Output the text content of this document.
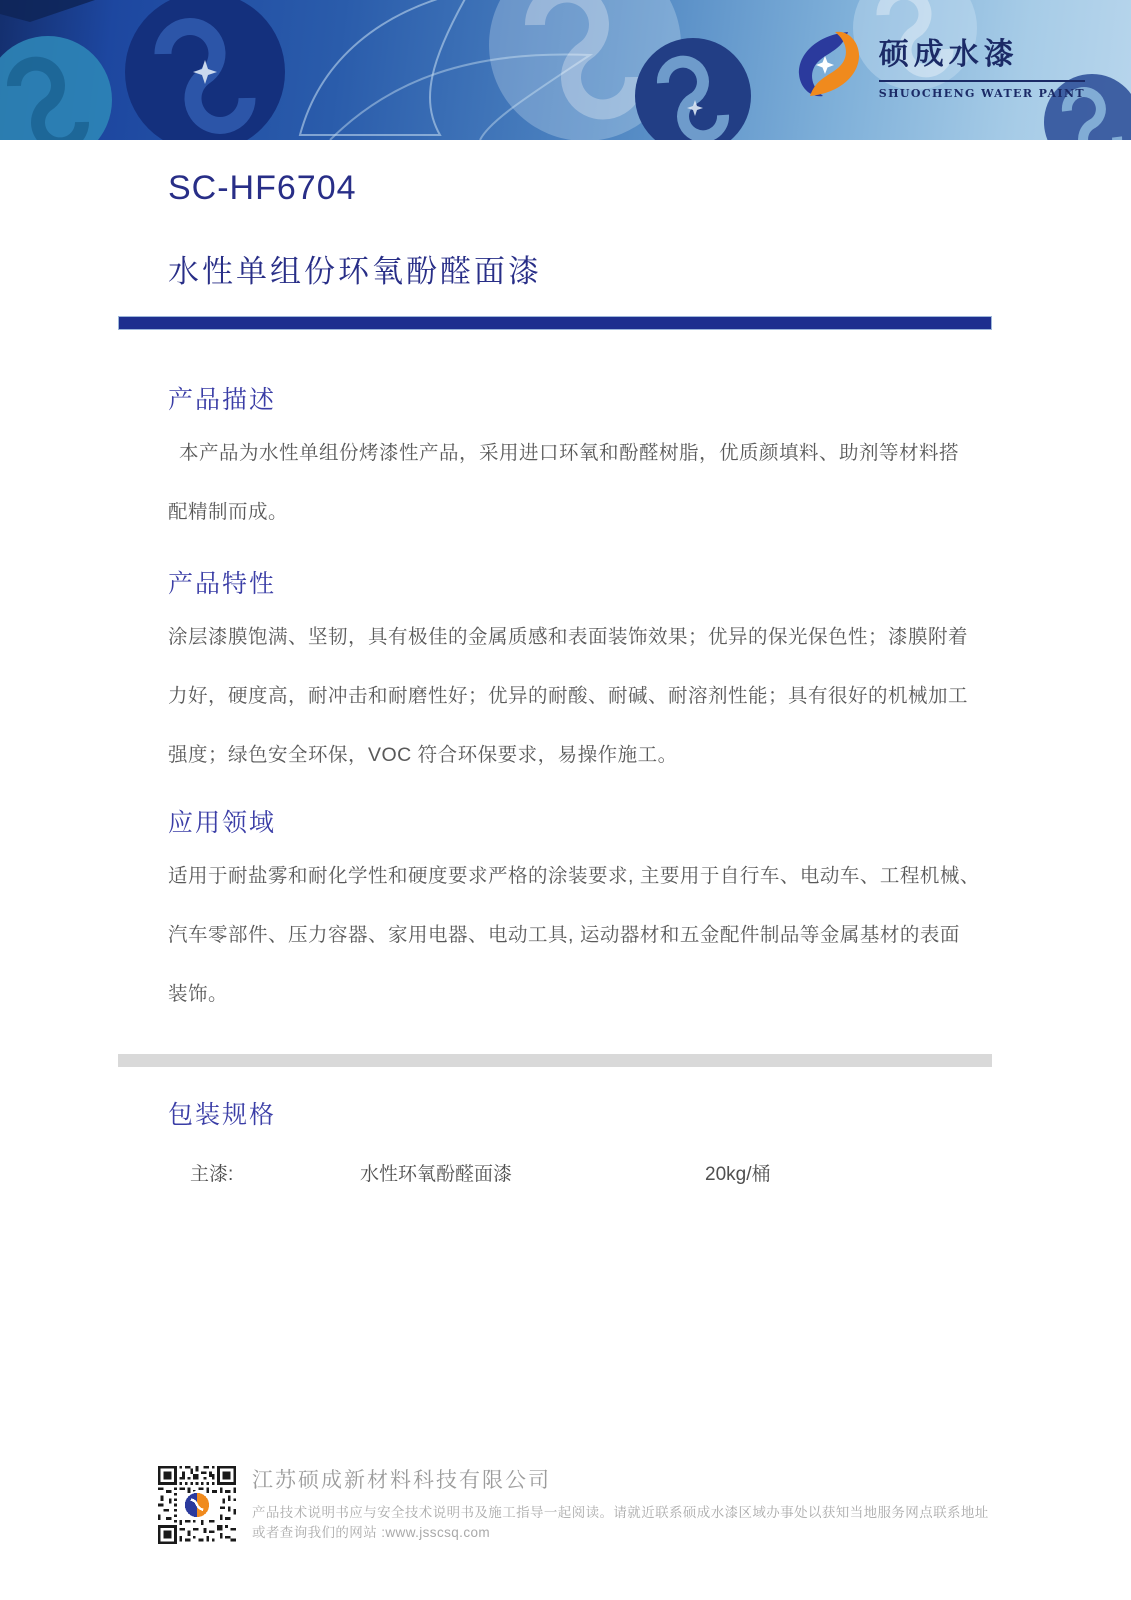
硕成水漆
SHUOCHENG WATER PAINT
SC-HF6704
水性单组份环氧酚醛面漆
产品描述
本产品为水性单组份烤漆性产品，采用进口环氧和酚醛树脂，优质颜填料、助剂等材料搭
配精制而成。
产品特性
涂层漆膜饱满、坚韧，具有极佳的金属质感和表面装饰效果；优异的保光保色性；漆膜附着
力好，硬度高，耐冲击和耐磨性好；优异的耐酸、耐碱、耐溶剂性能；具有很好的机械加工
强度；绿色安全环保，VOC 符合环保要求，易操作施工。
应用领域
适用于耐盐雾和耐化学性和硬度要求严格的涂装要求, 主要用于自行车、电动车、工程机械、
汽车零部件、压力容器、家用电器、电动工具, 运动器材和五金配件制品等金属基材的表面
装饰。
包装规格
主漆:	水性环氧酚醛面漆	20kg/桶
江苏硕成新材料科技有限公司
产品技术说明书应与安全技术说明书及施工指导一起阅读。请就近联系硕成水漆区域办事处以获知当地服务网点联系地址
或者查询我们的网站 :www.jsscsq.com
